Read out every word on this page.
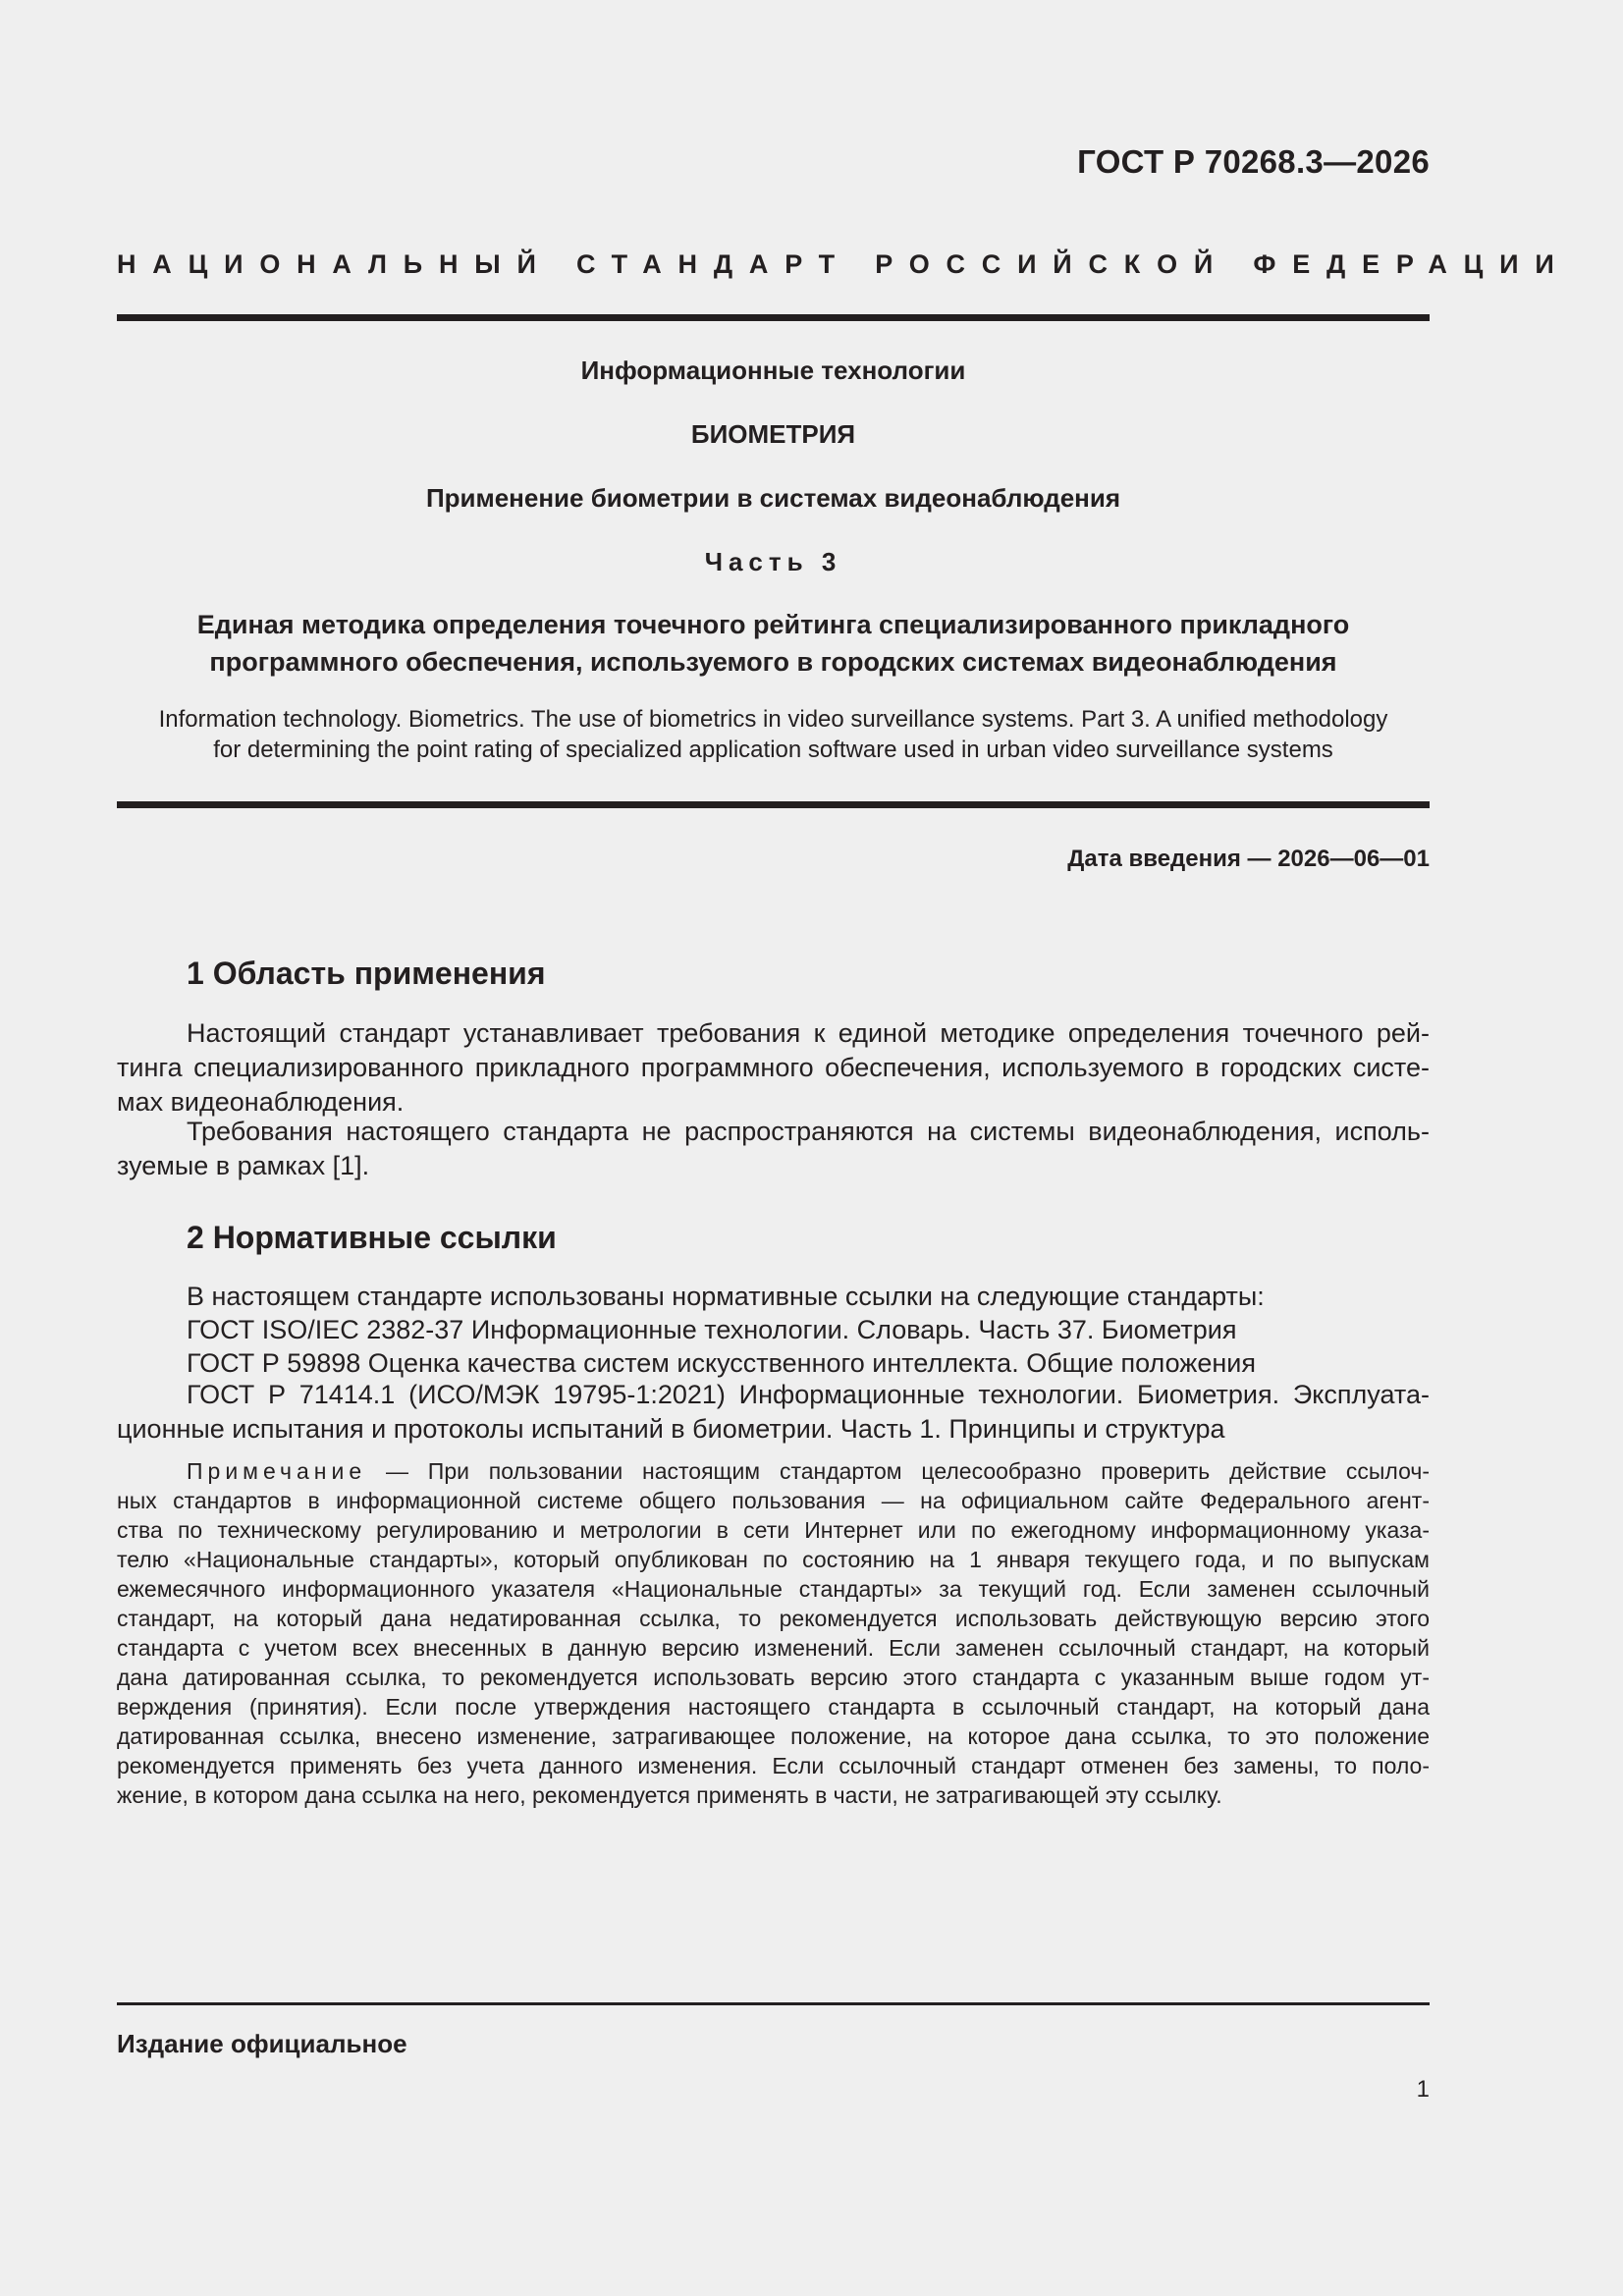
ГОСТ Р 70268.3—2026
НАЦИОНАЛЬНЫЙ СТАНДАРТ РОССИЙСКОЙ ФЕДЕРАЦИИ
Информационные технологии
БИОМЕТРИЯ
Применение биометрии в системах видеонаблюдения
Часть 3
Единая методика определения точечного рейтинга специализированного прикладного
программного обеспечения, используемого в городских системах видеонаблюдения
Information technology. Biometrics. The use of biometrics in video surveillance systems. Part 3. A unified methodology
for determining the point rating of specialized application software used in urban video surveillance systems
Дата введения — 2026—06—01
1 Область применения
Настоящий стандарт устанавливает требования к единой методике определения точечного рей-
тинга специализированного прикладного программного обеспечения, используемого в городских систе-
мах видеонаблюдения.
Требования настоящего стандарта не распространяются на системы видеонаблюдения, исполь-
зуемые в рамках [1].
2 Нормативные ссылки
В настоящем стандарте использованы нормативные ссылки на следующие стандарты:
ГОСТ ISO/IEC 2382-37 Информационные технологии. Словарь. Часть 37. Биометрия
ГОСТ Р 59898 Оценка качества систем искусственного интеллекта. Общие положения
ГОСТ Р 71414.1 (ИСО/МЭК 19795-1:2021) Информационные технологии. Биометрия. Эксплуата-
ционные испытания и протоколы испытаний в биометрии. Часть 1. Принципы и структура
Примечание — При пользовании настоящим стандартом целесообразно проверить действие ссылоч-
ных стандартов в информационной системе общего пользования — на официальном сайте Федерального агент-
ства по техническому регулированию и метрологии в сети Интернет или по ежегодному информационному указа-
телю «Национальные стандарты», который опубликован по состоянию на 1 января текущего года, и по выпускам
ежемесячного информационного указателя «Национальные стандарты» за текущий год. Если заменен ссылочный
стандарт, на который дана недатированная ссылка, то рекомендуется использовать действующую версию этого
стандарта с учетом всех внесенных в данную версию изменений. Если заменен ссылочный стандарт, на который
дана датированная ссылка, то рекомендуется использовать версию этого стандарта с указанным выше годом ут-
верждения (принятия). Если после утверждения настоящего стандарта в ссылочный стандарт, на который дана
датированная ссылка, внесено изменение, затрагивающее положение, на которое дана ссылка, то это положение
рекомендуется применять без учета данного изменения. Если ссылочный стандарт отменен без замены, то поло-
жение, в котором дана ссылка на него, рекомендуется применять в части, не затрагивающей эту ссылку.
Издание официальное
1
